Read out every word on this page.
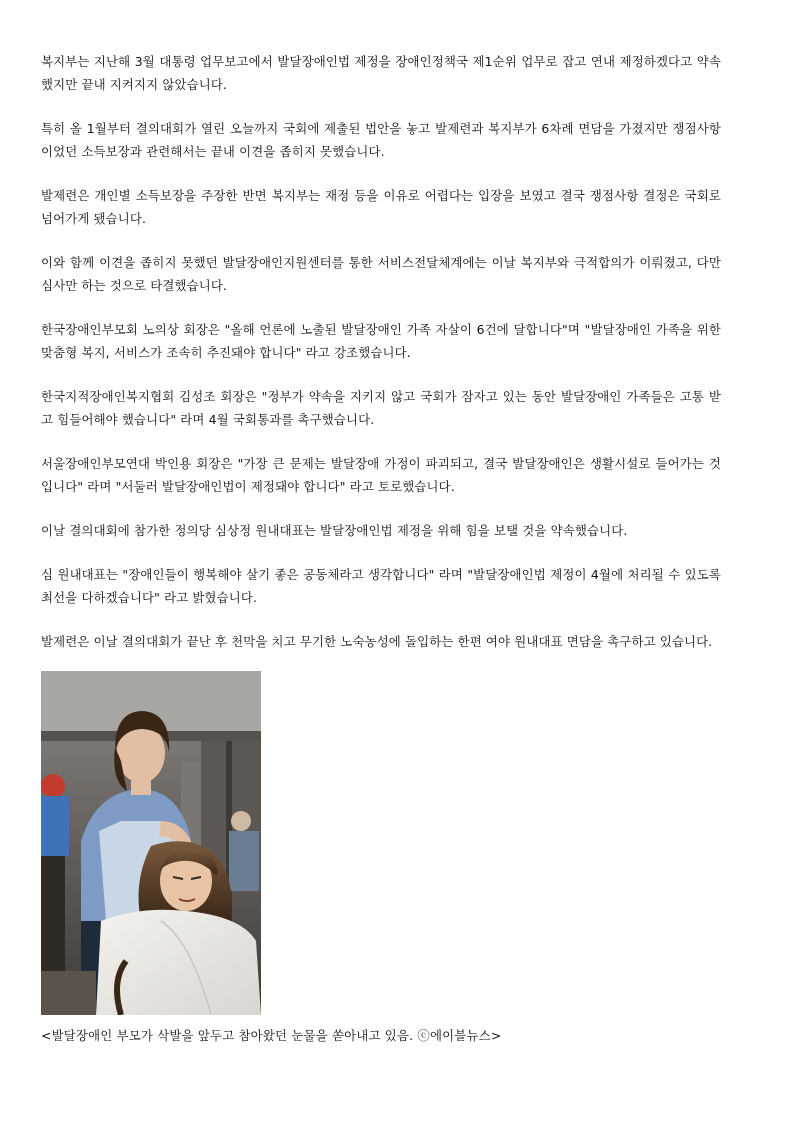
복지부는 지난해 3월 대통령 업무보고에서 발달장애인법 제정을 장애인정책국 제1순위 업무로 잡고 연내 제정하겠다고 약속했지만 끝내 지켜지지 않았습니다.

특히 올 1월부터 결의대회가 열린 오늘까지 국회에 제출된 법안을 놓고 발제련과 복지부가 6차례 면담을 가졌지만 쟁점사항이었던 소득보장과 관련해서는 끝내 이견을 좁히지 못했습니다.

발제련은 개인별 소득보장을 주장한 반면 복지부는 재정 등을 이유로 어렵다는 입장을 보였고 결국 쟁점사항 결정은 국회로 넘어가게 됐습니다.

이와 함께 이견을 좁히지 못했던 발달장애인지원센터를 통한 서비스전달체계에는 이날 복지부와 극적합의가 이뤄졌고, 다만 심사만 하는 것으로 타결했습니다.

한국장애인부모회 노의상 회장은 "올해 언론에 노출된 발달장애인 가족 자살이 6건에 달합니다"며 "발달장애인 가족을 위한 맞춤형 복지, 서비스가 조속히 추진돼야 합니다" 라고 강조했습니다.

한국지적장애인복지협회 김성조 회장은 "정부가 약속을 지키지 않고 국회가 잠자고 있는 동안 발달장애인 가족들은 고통 받고 힘들어해야 했습니다" 라며 4월 국회통과를 촉구했습니다.

서울장애인부모연대 박인용 회장은 "가장 큰 문제는 발달장애 가정이 파괴되고, 결국 발달장애인은 생활시설로 들어가는 것입니다" 라며 "서둘러 발달장애인법이 제정돼야 합니다" 라고 토로했습니다.

이날 결의대회에 참가한 정의당 심상정 원내대표는 발달장애인법 제정을 위해 힘을 보탤 것을 약속했습니다.

심 원내대표는 "장애인들이 행복해야 살기 좋은 공동체라고 생각합니다" 라며 "발달장애인법 제정이 4월에 처리될 수 있도록 최선을 다하겠습니다" 라고 밝혔습니다.

발제련은 이날 결의대회가 끝난 후 천막을 치고 무기한 노숙농성에 돌입하는 한편 여야 원내대표 면담을 촉구하고 있습니다.

<발달장애인 부모가 삭발을 앞두고 참아왔던 눈물을 쏟아내고 있음. ⓒ에이블뉴스>
